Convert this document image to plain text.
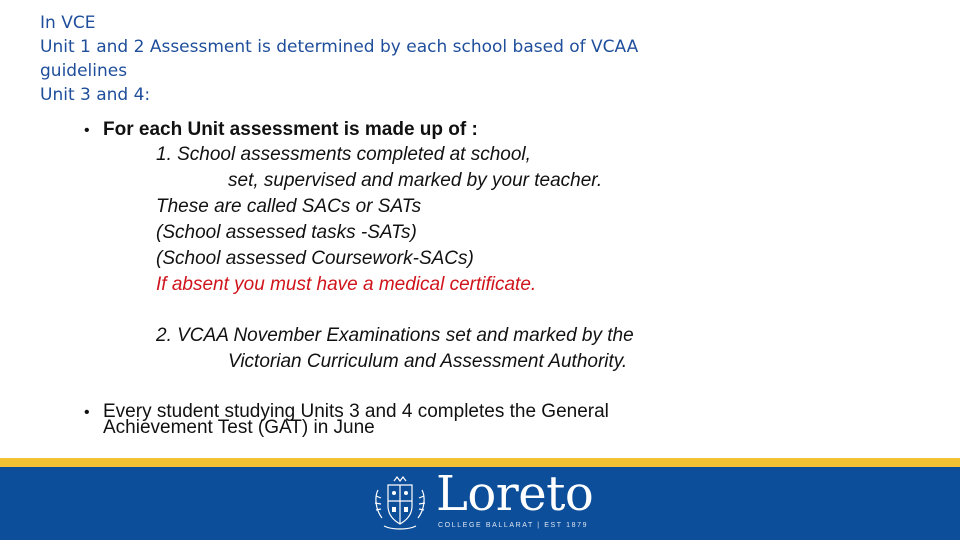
In VCE
Unit 1 and 2 Assessment is determined by each school based of VCAA
guidelines
Unit 3 and 4:
• For each Unit assessment is made up of :
1. School assessments completed at school,
set, supervised and marked by your teacher.
These are called SACs or SATs
(School assessed tasks -SATs)
(School assessed Coursework-SACs)
If absent you must have a medical certificate.
2. VCAA November Examinations set and marked by the
Victorian Curriculum and Assessment Authority.
• Every student studying Units 3 and 4 completes the General
Achievement Test (GAT) in June
Loreto
COLLEGE BALLARAT | EST 1879
